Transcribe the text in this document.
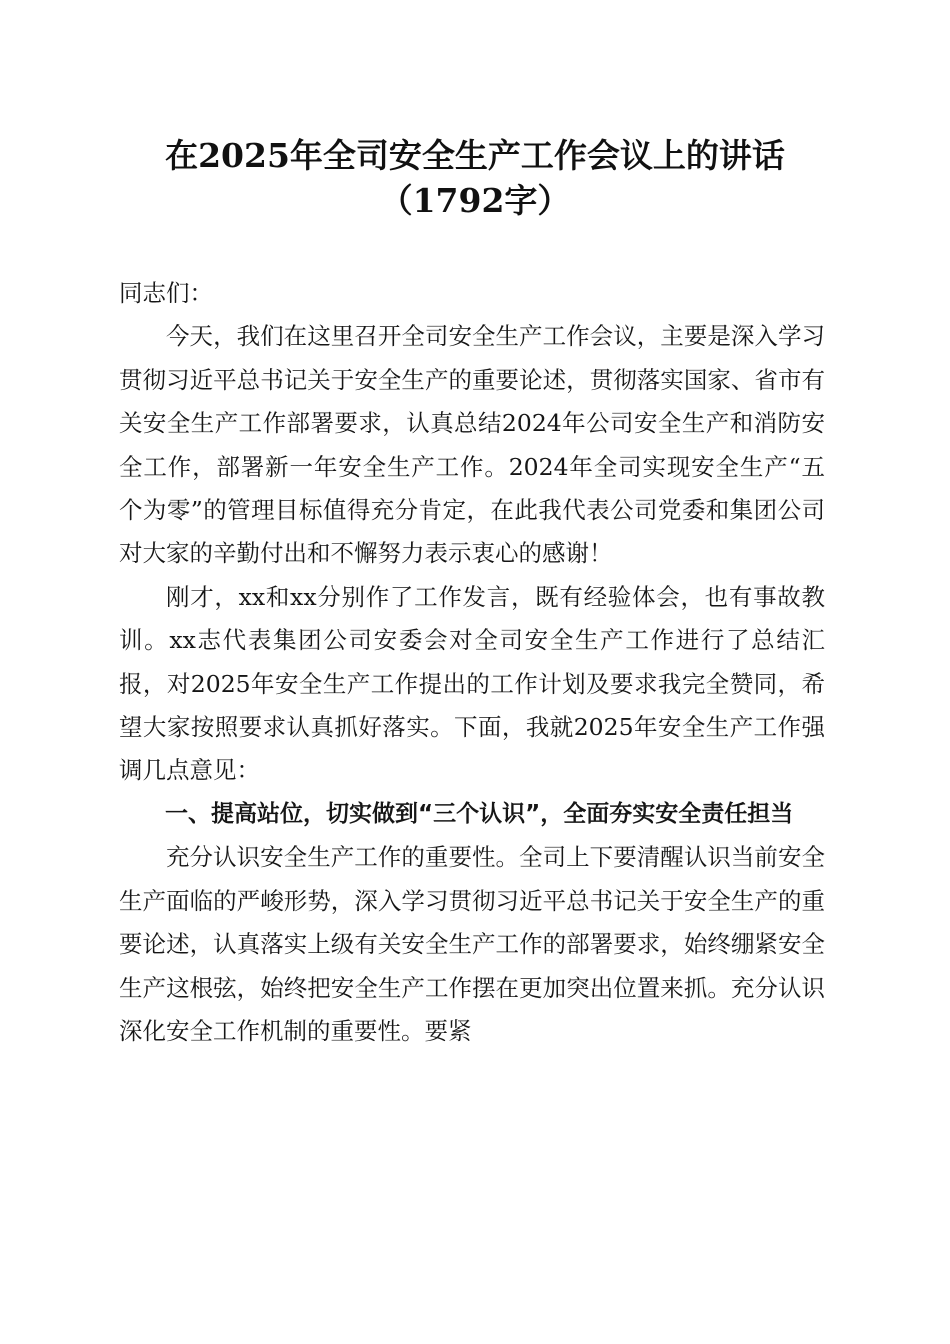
在2025年全司安全生产工作会议上的讲话
（1792字）

同志们：

今天，我们在这里召开全司安全生产工作会议，主要是深入学习贯彻习近平总书记关于安全生产的重要论述，贯彻落实国家、省市有关安全生产工作部署要求，认真总结2024年公司安全生产和消防安全工作，部署新一年安全生产工作。2024年全司实现安全生产“五个为零”的管理目标值得充分肯定，在此我代表公司党委和集团公司对大家的辛勤付出和不懈努力表示衷心的感谢！

刚才，xx和xx分别作了工作发言，既有经验体会，也有事故教训。xx志代表集团公司安委会对全司安全生产工作进行了总结汇报，对2025年安全生产工作提出的工作计划及要求我完全赞同，希望大家按照要求认真抓好落实。下面，我就2025年安全生产工作强调几点意见：

一、提高站位，切实做到“三个认识”，全面夯实安全责任担当

充分认识安全生产工作的重要性。全司上下要清醒认识当前安全生产面临的严峻形势，深入学习贯彻习近平总书记关于安全生产的重要论述，认真落实上级有关安全生产工作的部署要求，始终绷紧安全生产这根弦，始终把安全生产工作摆在更加突出位置来抓。充分认识深化安全工作机制的重要性。要紧
